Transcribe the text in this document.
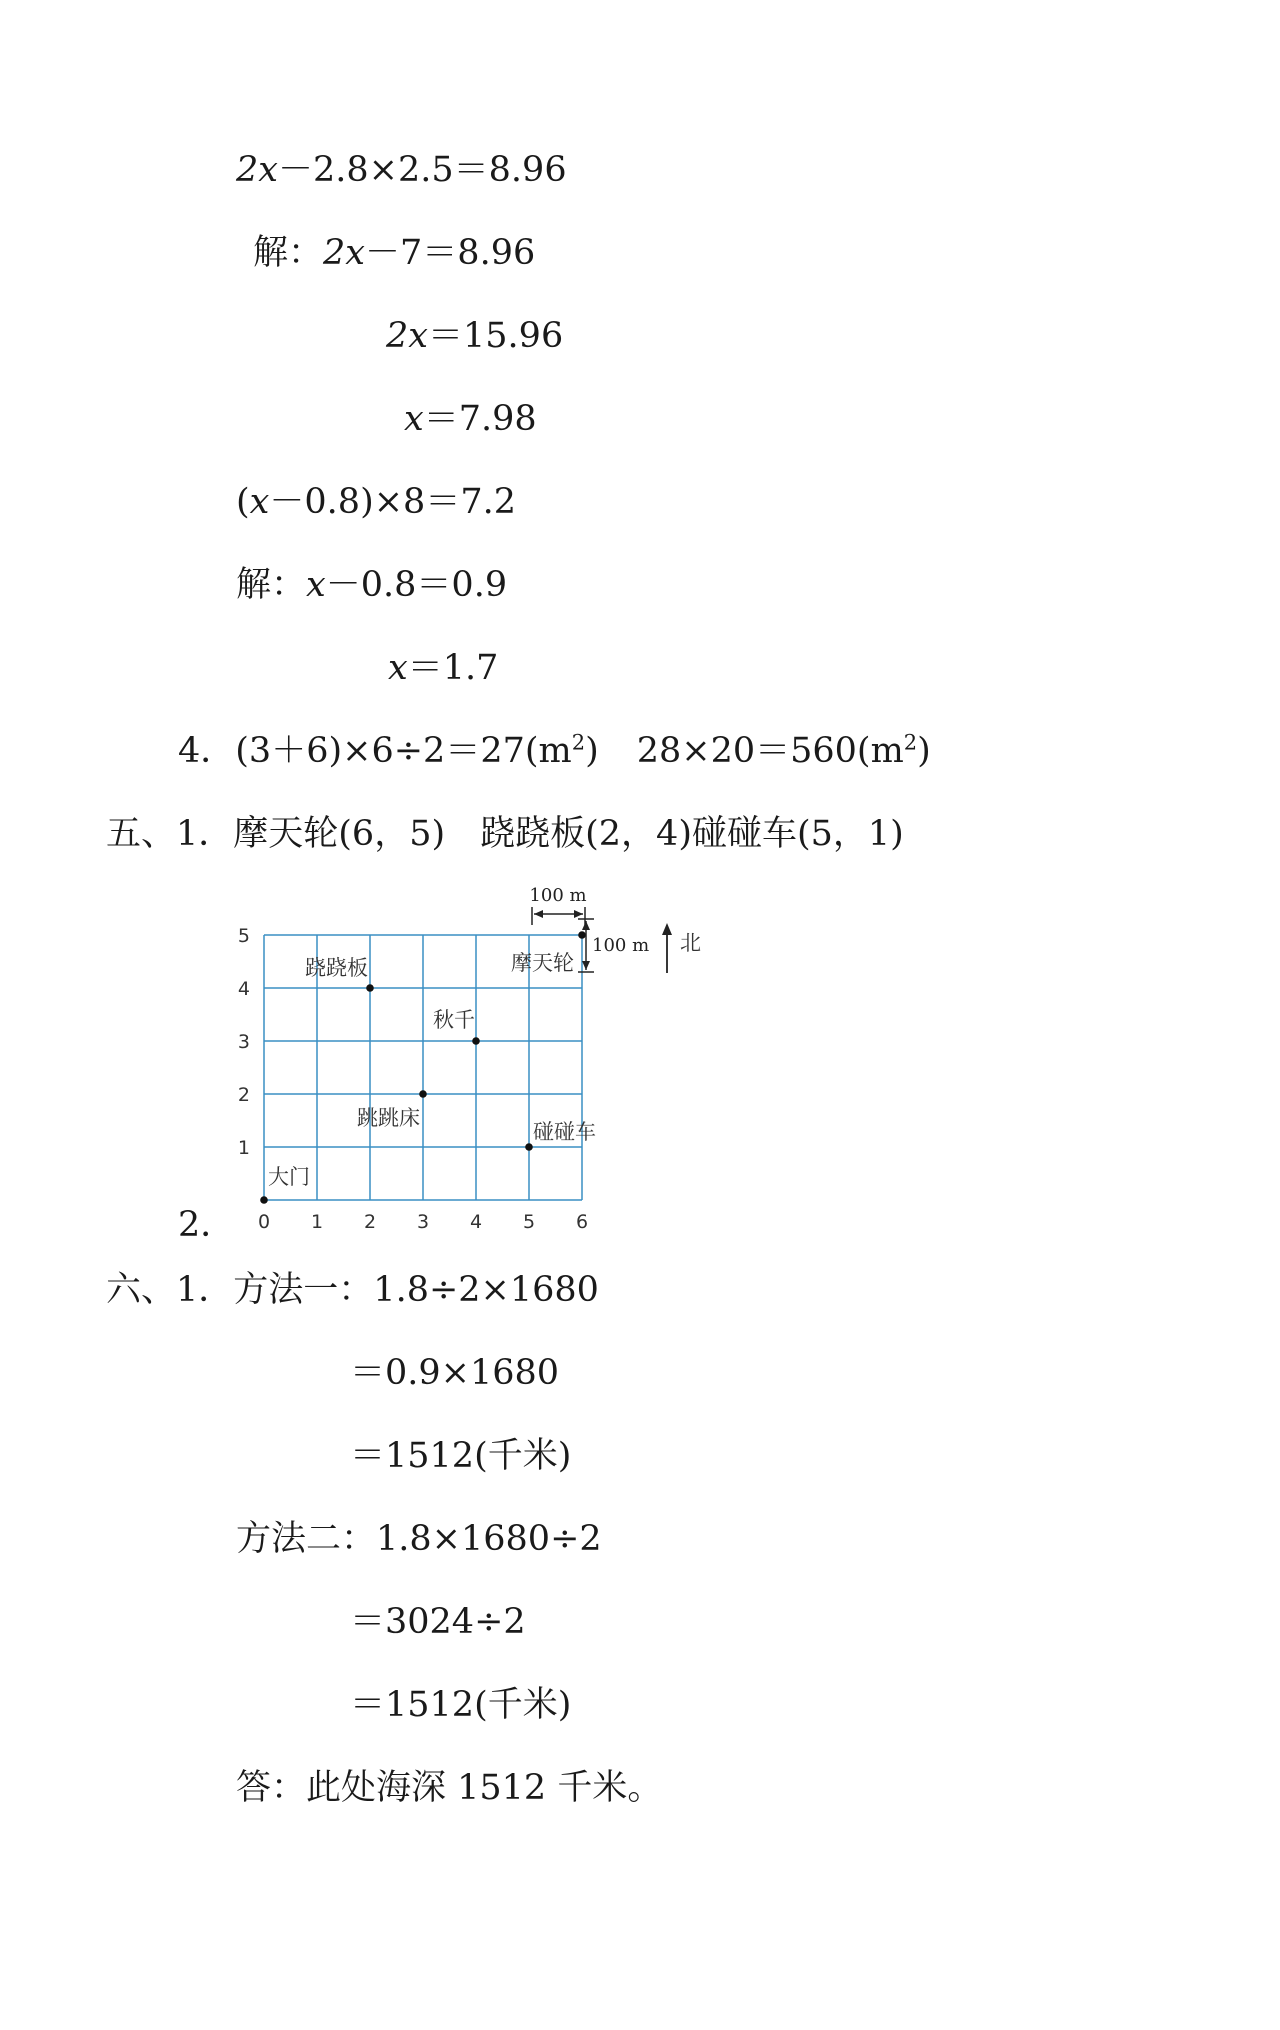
2x－2.8×2.5＝8.96
解：2x－7＝8.96
2x＝15.96
x＝7.98
(x－0.8)×8＝7.2
解：x－0.8＝0.9
x＝1.7
4．$(3+6)\times 6\div 2=27(m^2)$ $28\times 20=560(m^2)$
五、1．摩天轮(6，5)　跷跷板(2，4)碰碰车(5，1)
0 1 2 3 4 5 6
1
2
3
4
5
大门
碰碰车
跳跳床
秋千
跷跷板	摩天轮
100 m
100 m 北
2．
六、1．方法一：1.8÷2×1680
＝0.9×1680
＝1512(千米)
方法二：1.8×1680÷2
＝3024÷2
＝1512(千米)
答：此处海深 1512 千米。
